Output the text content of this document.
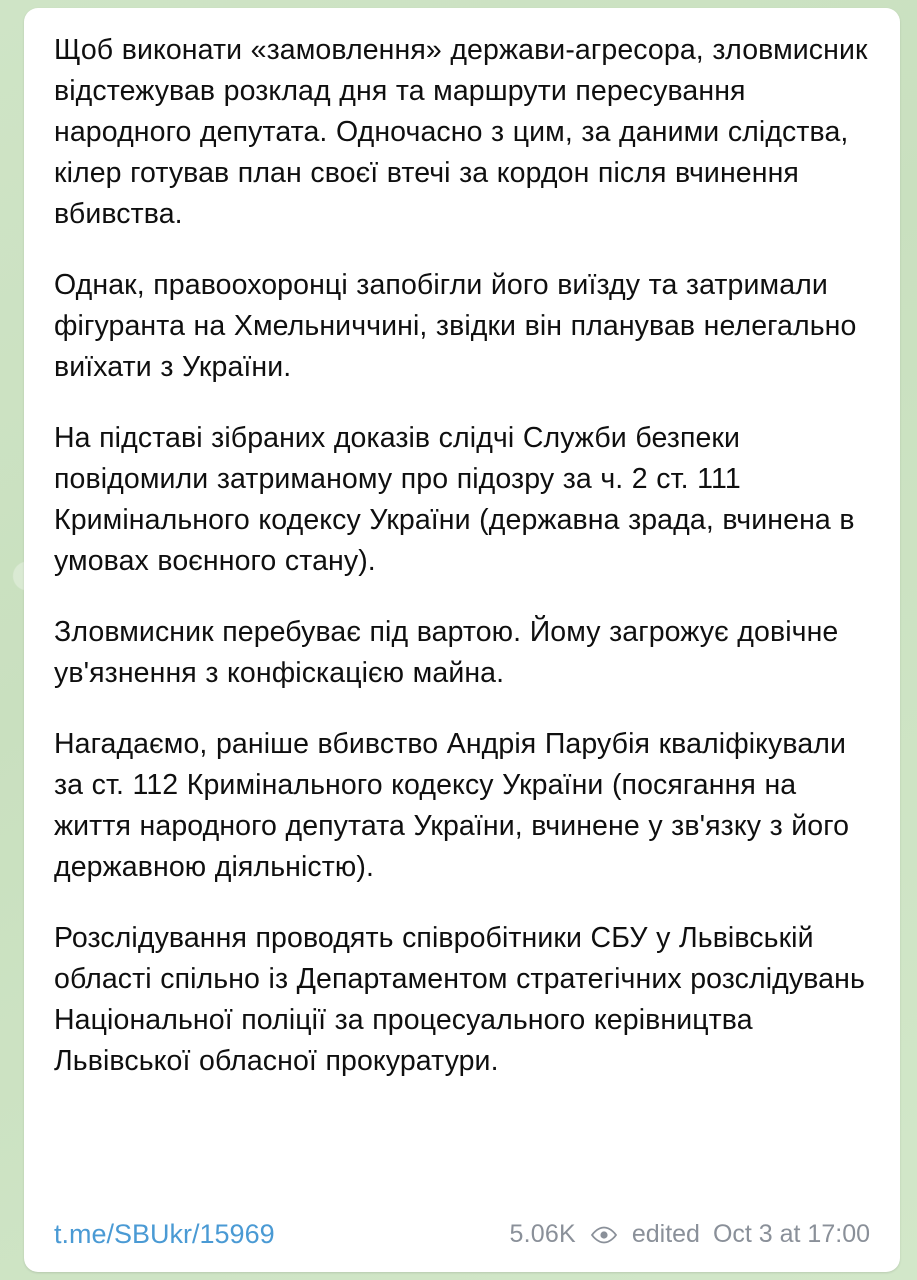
Щоб виконати «замовлення» держави-агресора, зловмисник відстежував розклад дня та маршрути пересування народного депутата. Одночасно з цим, за даними слідства, кілер готував план своєї втечі за кордон після вчинення вбивства.

Однак, правоохоронці запобігли його виїзду та затримали фігуранта на Хмельниччині, звідки він планував нелегально виїхати з України.

На підставі зібраних доказів слідчі Служби безпеки повідомили затриманому про підозру за ч. 2 ст. 111 Кримінального кодексу України (державна зрада, вчинена в умовах воєнного стану).

Зловмисник перебуває під вартою. Йому загрожує довічне ув'язнення з конфіскацією майна.

Нагадаємо, раніше вбивство Андрія Парубія кваліфікували за ст. 112 Кримінального кодексу України (посягання на життя народного депутата України, вчинене у зв'язку з його державною діяльністю).

Розслідування проводять співробітники СБУ у Львівській області спільно із Департаментом стратегічних розслідувань Національної поліції за процесуального керівництва Львівської обласної прокуратури.

t.me/SBUkr/15969	5.06K edited Oct 3 at 17:00
